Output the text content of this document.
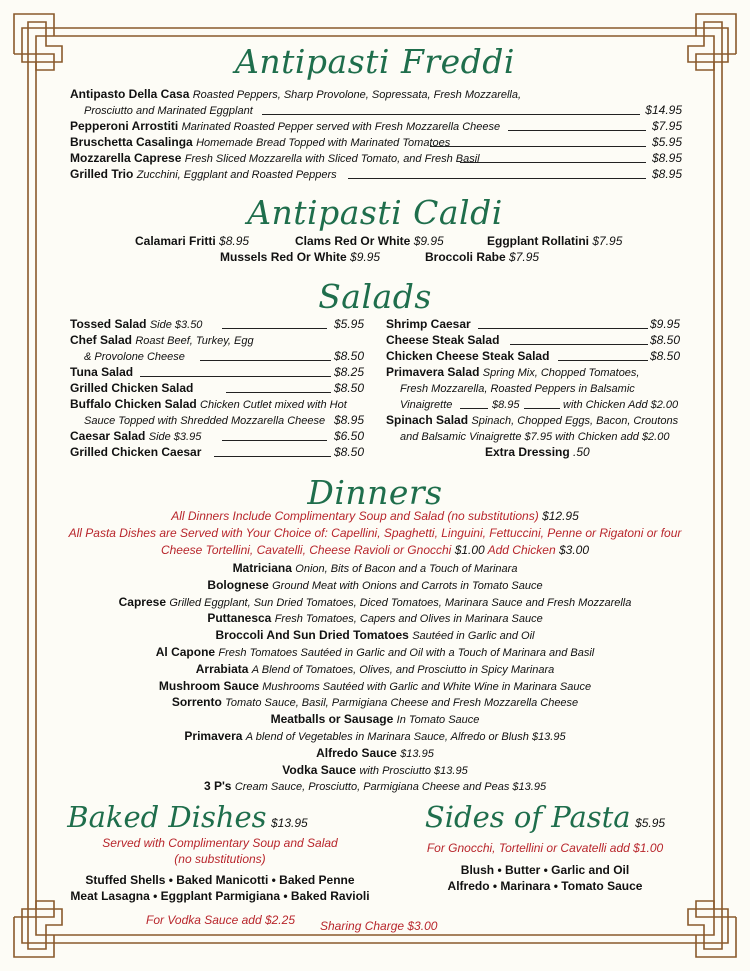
Antipasti Freddi
Antipasto Della Casa Roasted Peppers, Sharp Provolone, Sopressata, Fresh Mozzarella,
Prosciutto and Marinated Eggplant	$14.95
Pepperoni Arrostiti Marinated Roasted Pepper served with Fresh Mozzarella Cheese	$7.95
Bruschetta Casalinga Homemade Bread Topped with Marinated Tomatoes	$5.95
Mozzarella Caprese Fresh Sliced Mozzarella with Sliced Tomato, and Fresh Basil	$8.95
Grilled Trio Zucchini, Eggplant and Roasted Peppers	$8.95
Antipasti Caldi
Calamari Fritti $8.95	Clams Red Or White $9.95	Eggplant Rollatini $7.95
Mussels Red Or White $9.95	Broccoli Rabe $7.95
Salads
Tossed Salad Side $3.50	$5.95
Chef Salad Roast Beef, Turkey, Egg
& Provolone Cheese	$8.50
Tuna Salad	$8.25
Grilled Chicken Salad	$8.50
Buffalo Chicken Salad Chicken Cutlet mixed with Hot
Sauce Topped with Shredded Mozzarella Cheese $8.95
Caesar Salad Side $3.95	$6.50
Grilled Chicken Caesar	$8.50
Shrimp Caesar	$9.95
Cheese Steak Salad	$8.50
Chicken Cheese Steak Salad	$8.50
Primavera Salad Spring Mix, Chopped Tomatoes,
Fresh Mozzarella, Roasted Peppers in Balsamic
Vinaigrette	$8.95	with Chicken Add $2.00
Spinach Salad Spinach, Chopped Eggs, Bacon, Croutons
and Balsamic Vinaigrette $7.95 with Chicken add $2.00
Extra Dressing .50
Dinners
All Dinners Include Complimentary Soup and Salad (no substitutions) $12.95
All Pasta Dishes are Served with Your Choice of: Capellini, Spaghetti, Linguini, Fettuccini, Penne or Rigatoni or four
Cheese Tortellini, Cavatelli, Cheese Ravioli or Gnocchi $1.00 Add Chicken $3.00
Matriciana Onion, Bits of Bacon and a Touch of Marinara
Bolognese Ground Meat with Onions and Carrots in Tomato Sauce
Caprese Grilled Eggplant, Sun Dried Tomatoes, Diced Tomatoes, Marinara Sauce and Fresh Mozzarella
Puttanesca Fresh Tomatoes, Capers and Olives in Marinara Sauce
Broccoli And Sun Dried Tomatoes Sautéed in Garlic and Oil
Al Capone Fresh Tomatoes Sautéed in Garlic and Oil with a Touch of Marinara and Basil
Arrabiata A Blend of Tomatoes, Olives, and Prosciutto in Spicy Marinara
Mushroom Sauce Mushrooms Sautéed with Garlic and White Wine in Marinara Sauce
Sorrento Tomato Sauce, Basil, Parmigiana Cheese and Fresh Mozzarella Cheese
Meatballs or Sausage In Tomato Sauce
Primavera A blend of Vegetables in Marinara Sauce, Alfredo or Blush $13.95
Alfredo Sauce $13.95
Vodka Sauce with Prosciutto $13.95
3 P's Cream Sauce, Prosciutto, Parmigiana Cheese and Peas $13.95
Baked Dishes $13.95
Served with Complimentary Soup and Salad
(no substitutions)
Stuffed Shells • Baked Manicotti • Baked Penne
Meat Lasagna • Eggplant Parmigiana • Baked Ravioli
For Vodka Sauce add $2.25
Sides of Pasta $5.95
For Gnocchi, Tortellini or Cavatelli add $1.00
Blush • Butter • Garlic and Oil
Alfredo • Marinara • Tomato Sauce
Sharing Charge $3.00
